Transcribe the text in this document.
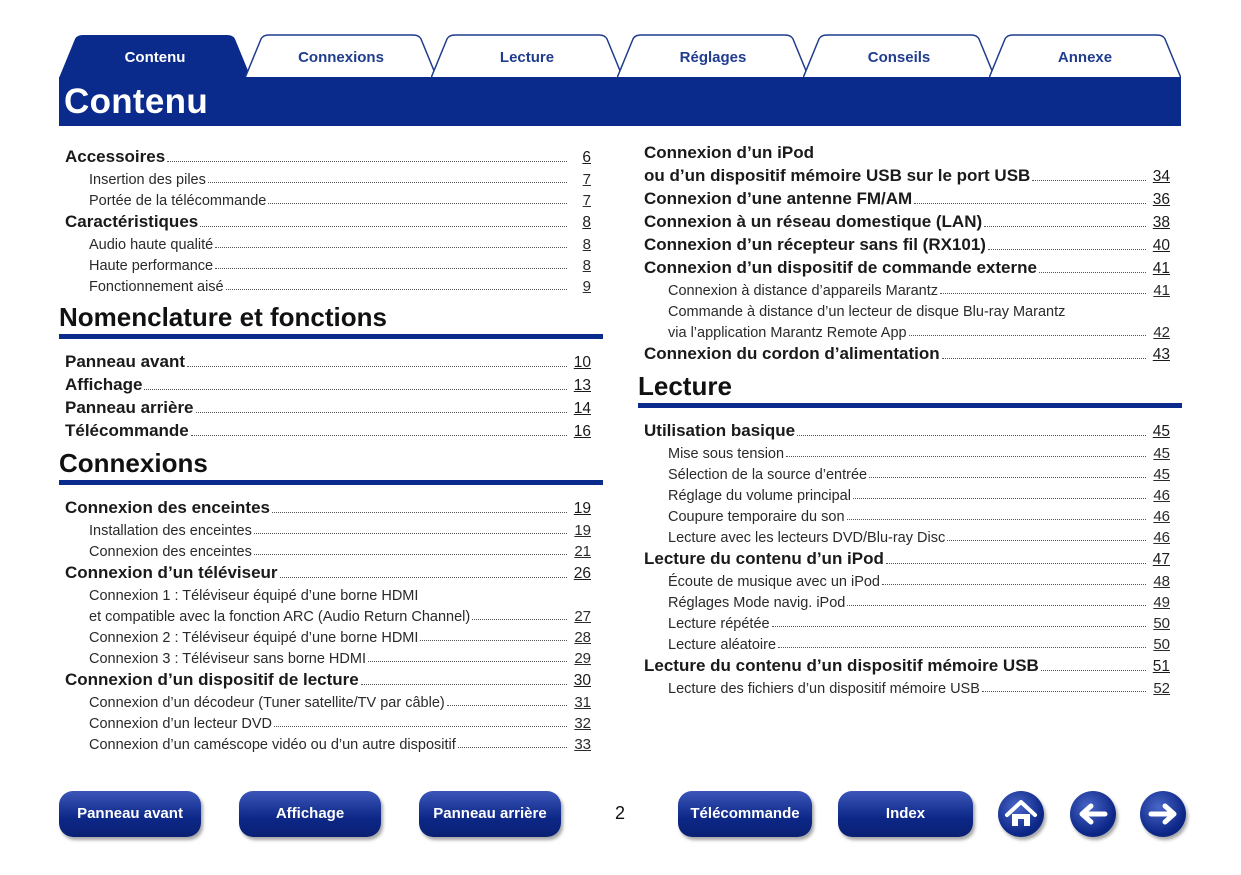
Contenu	Connexions	Lecture	Réglages	Conseils	Annexe
Contenu
Accessoires	6
Insertion des piles	7
Portée de la télécommande	7
Caractéristiques	8
Audio haute qualité	8
Haute performance	8
Fonctionnement aisé	9
Nomenclature et fonctions
Panneau avant	10
Affichage	13
Panneau arrière	14
Télécommande	16
Connexions
Connexion des enceintes	19
Installation des enceintes	19
Connexion des enceintes	21
Connexion d’un téléviseur	26
Connexion 1 : Téléviseur équipé d’une borne HDMI
et compatible avec la fonction ARC (Audio Return Channel)	27
Connexion 2 : Téléviseur équipé d’une borne HDMI	28
Connexion 3 : Téléviseur sans borne HDMI	29
Connexion d’un dispositif de lecture	30
Connexion d’un décodeur (Tuner satellite/TV par câble)	31
Connexion d’un lecteur DVD	32
Connexion d’un caméscope vidéo ou d’un autre dispositif	33
Connexion d’un iPod
ou d’un dispositif mémoire USB sur le port USB	34
Connexion d’une antenne FM/AM	36
Connexion à un réseau domestique (LAN)	38
Connexion d’un récepteur sans fil (RX101)	40
Connexion d’un dispositif de commande externe	41
Connexion à distance d’appareils Marantz	41
Commande à distance d’un lecteur de disque Blu-ray Marantz
via l’application Marantz Remote App	42
Connexion du cordon d’alimentation	43
Lecture
Utilisation basique	45
Mise sous tension	45
Sélection de la source d’entrée	45
Réglage du volume principal	46
Coupure temporaire du son	46
Lecture avec les lecteurs DVD/Blu-ray Disc	46
Lecture du contenu d’un iPod	47
Écoute de musique avec un iPod	48
Réglages Mode navig. iPod	49
Lecture répétée	50
Lecture aléatoire	50
Lecture du contenu d’un dispositif mémoire USB	51
Lecture des fichiers d’un dispositif mémoire USB	52
Panneau avant	Affichage	Panneau arrière	2	Télécommande	Index
